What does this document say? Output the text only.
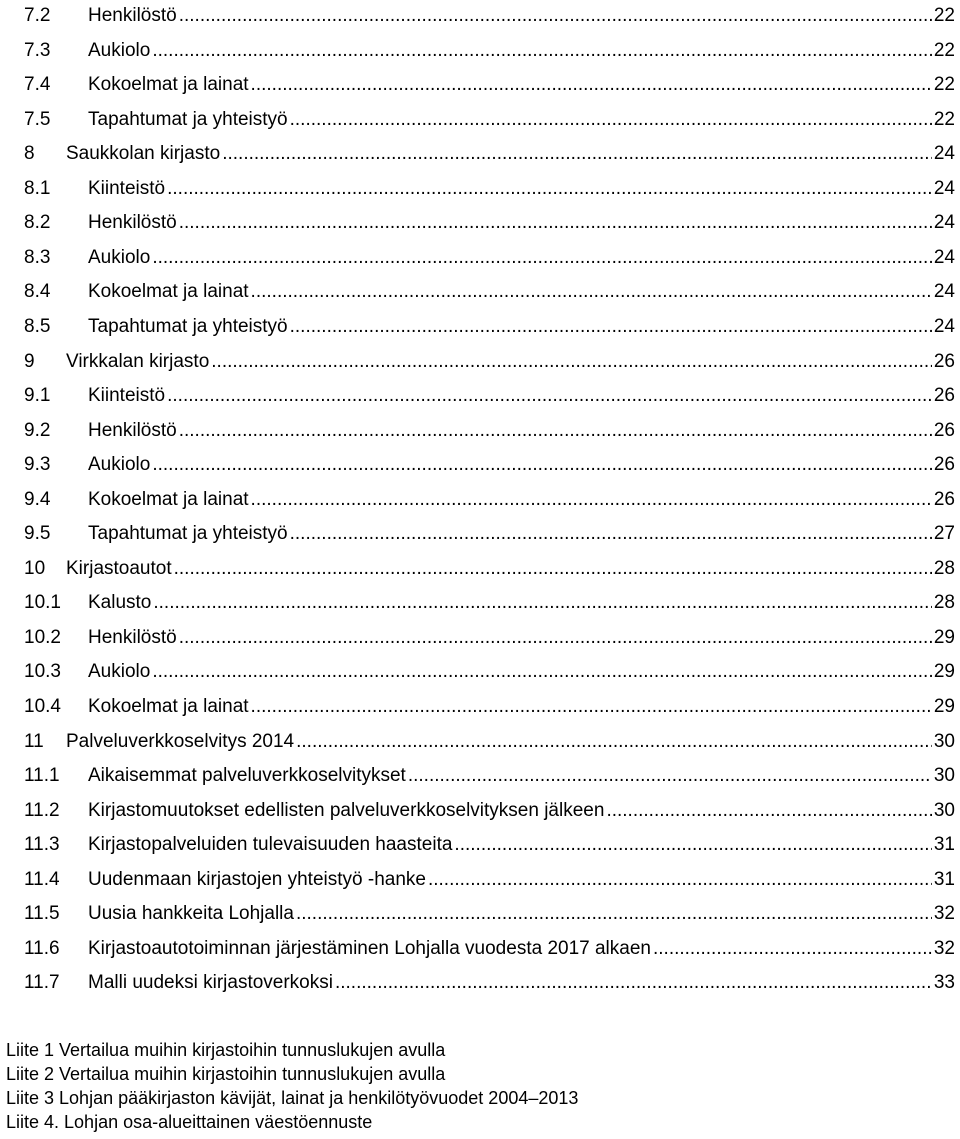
7.2	Henkilöstö .....	22
7.3	Aukiolo .....	22
7.4	Kokoelmat ja lainat .....	22
7.5	Tapahtumat ja yhteistyö .....	22
8	Saukkolan kirjasto .....	24
8.1	Kiinteistö .....	24
8.2	Henkilöstö .....	24
8.3	Aukiolo .....	24
8.4	Kokoelmat ja lainat .....	24
8.5	Tapahtumat ja yhteistyö .....	24
9	Virkkalan kirjasto .....	26
9.1	Kiinteistö .....	26
9.2	Henkilöstö .....	26
9.3	Aukiolo .....	26
9.4	Kokoelmat ja lainat .....	26
9.5	Tapahtumat ja yhteistyö .....	27
10	Kirjastoautot .....	28
10.1	Kalusto .....	28
10.2	Henkilöstö .....	29
10.3	Aukiolo .....	29
10.4	Kokoelmat ja lainat .....	29
11	Palveluverkkoselvitys 2014 .....	30
11.1	Aikaisemmat palveluverkkoselvitykset .....	30
11.2	Kirjastomuutokset edellisten palveluverkkoselvityksen jälkeen .....	30
11.3	Kirjastopalveluiden tulevaisuuden haasteita .....	31
11.4	Uudenmaan kirjastojen yhteistyö -hanke .....	31
11.5	Uusia hankkeita Lohjalla .....	32
11.6	Kirjastoautotoiminnan järjestäminen Lohjalla vuodesta 2017 alkaen .....	32
11.7	Malli uudeksi kirjastoverkoksi .....	33
Liite 1 Vertailua muihin kirjastoihin tunnuslukujen avulla
Liite 2 Vertailua muihin kirjastoihin tunnuslukujen avulla
Liite 3 Lohjan pääkirjaston kävijät, lainat ja henkilötyövuodet 2004–2013
Liite 4. Lohjan osa-alueittainen väestöennuste
